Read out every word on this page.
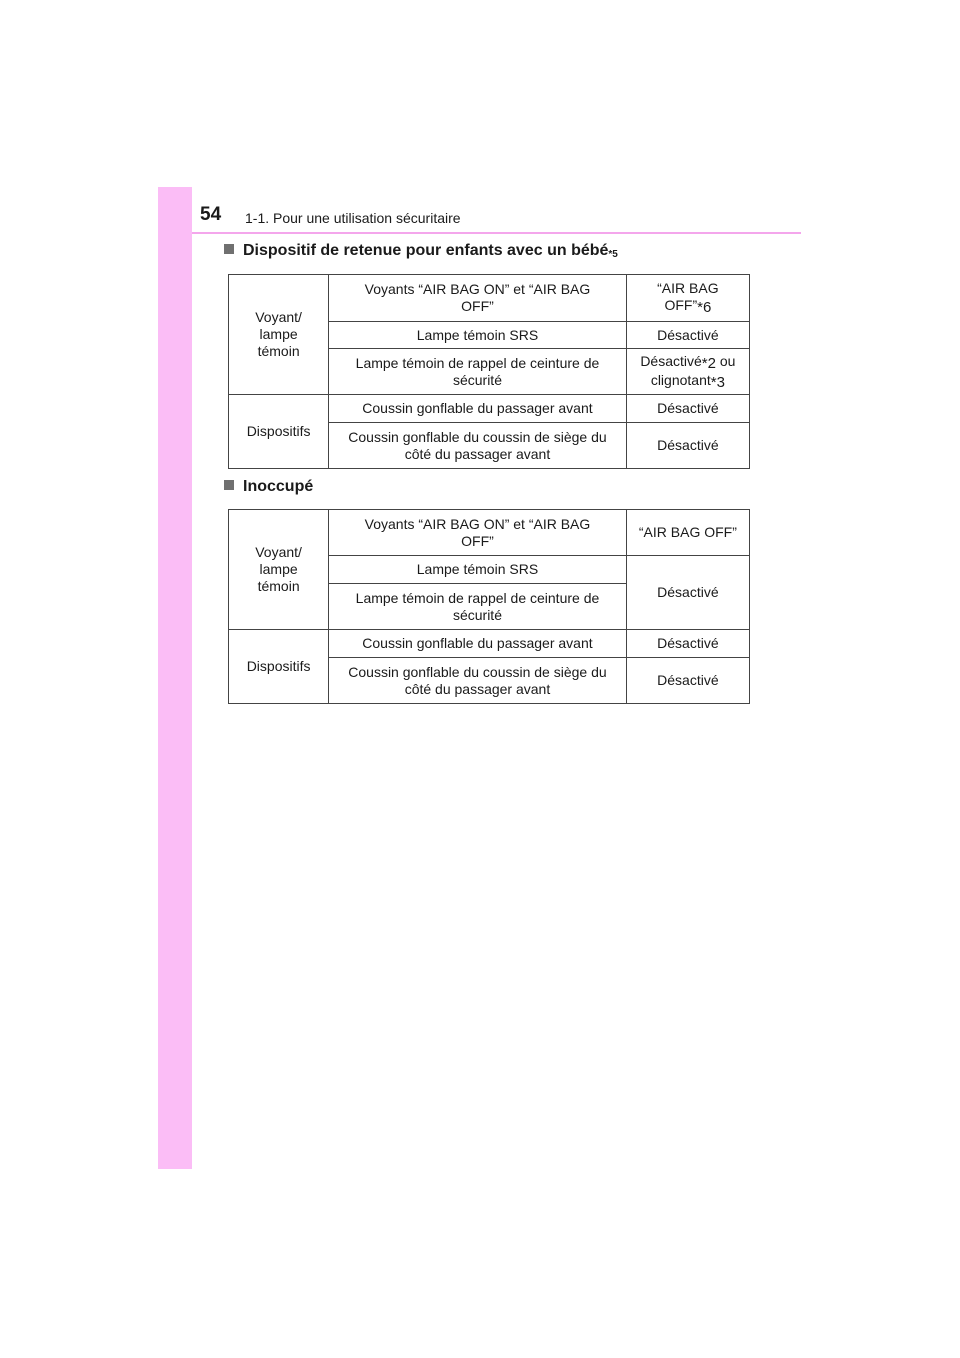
54 1-1. Pour une utilisation sécuritaire
Dispositif de retenue pour enfants avec un bébé$^{*5}$
Voyant/ lampe témoin	Voyants “AIR BAG ON” et “AIR BAG OFF”	“AIR BAG OFF”$^{*6}$
	Lampe témoin SRS	Désactivé
	Lampe témoin de rappel de ceinture de sécurité	Désactivé$^{*2}$ ou clignotant$^{*3}$
Dispositifs	Coussin gonflable du passager avant	Désactivé
	Coussin gonflable du coussin de siège du côté du passager avant	Désactivé
Inoccupé
Voyant/ lampe témoin	Voyants “AIR BAG ON” et “AIR BAG OFF”	“AIR BAG OFF”
	Lampe témoin SRS	Désactivé
	Lampe témoin de rappel de ceinture de sécurité	
Dispositifs	Coussin gonflable du passager avant	Désactivé
	Coussin gonflable du coussin de siège du côté du passager avant	Désactivé
